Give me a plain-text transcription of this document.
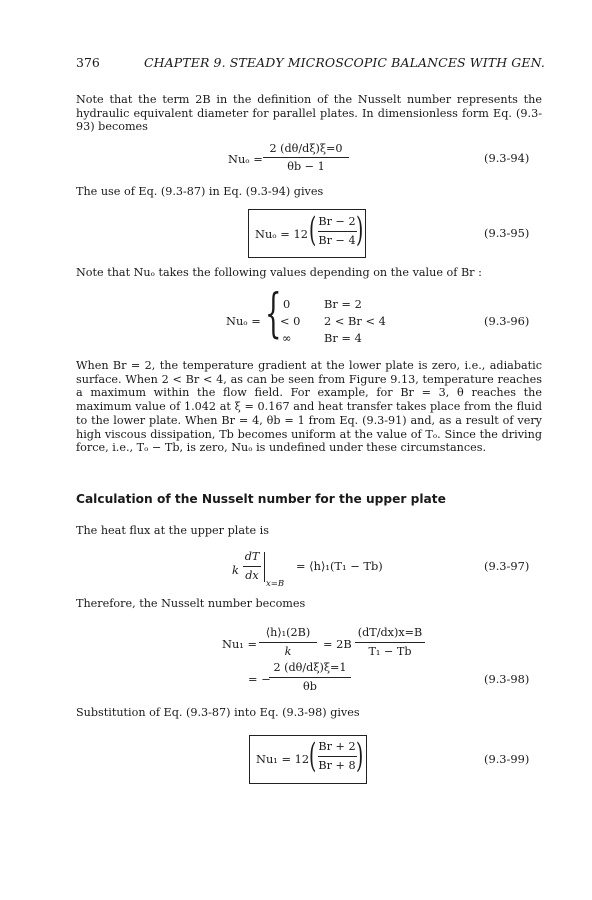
376	CHAPTER 9. STEADY MICROSCOPIC BALANCES WITH GEN.
Note that the term 2B in the definition of the Nusselt number represents the hydraulic equivalent diameter for parallel plates. In dimensionless form Eq. (9.3-93) becomes
Nuₒ =
2 (dθ/dξ)ξ=0
θb − 1
(9.3-94)
The use of Eq. (9.3-87) in Eq. (9.3-94) gives
Nuₒ = 12 ( Br − 2
Br − 4 )	(9.3-95)
Note that Nuₒ takes the following values depending on the value of Br :
Nuₒ = { 0	Br = 2
< 0 2 < Br < 4
∞	Br = 4
(9.3-96)
When Br = 2, the temperature gradient at the lower plate is zero, i.e., adiabatic surface. When 2 < Br < 4, as can be seen from Figure 9.13, temperature reaches a maximum within the flow field. For example, for Br = 3, θ reaches the maximum value of 1.042 at ξ = 0.167 and heat transfer takes place from the fluid to the lower plate. When Br = 4, θb = 1 from Eq. (9.3-91) and, as a result of very high viscous dissipation, Tb becomes uniform at the value of Tₒ. Since the driving force, i.e., Tₒ − Tb, is zero, Nuₒ is undefined under these circumstances.
Calculation of the Nusselt number for the upper plate
The heat flux at the upper plate is
k
dT
dx
x=B
= ⟨h⟩₁(T₁ − Tb)	(9.3-97)
Therefore, the Nusselt number becomes
Nu₁ =
⟨h⟩₁(2B)
k
= 2B
(dT/dx)x=B
T₁ − Tb
= −
2 (dθ/dξ)ξ=1
θb
(9.3-98)
Substitution of Eq. (9.3-87) into Eq. (9.3-98) gives
Nu₁ = 12 ( Br + 2
Br + 8 )	(9.3-99)
